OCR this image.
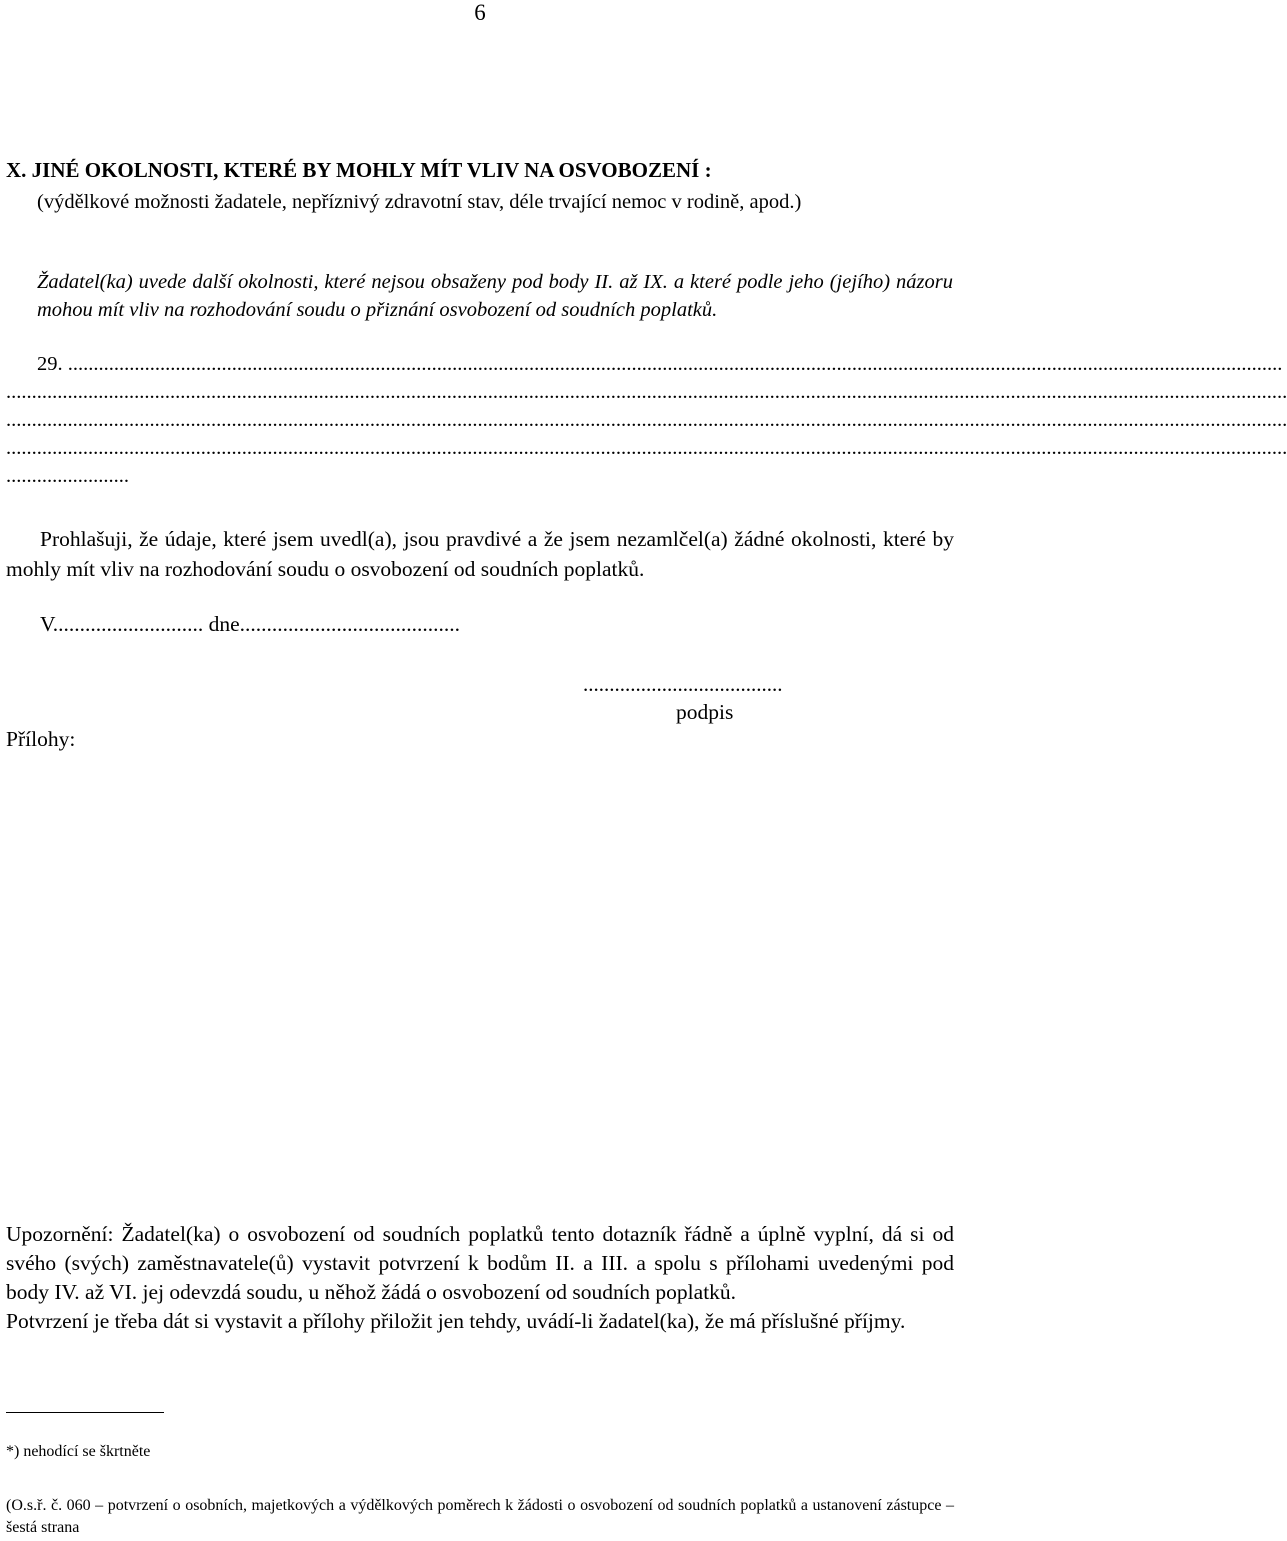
6
X. JINÉ OKOLNOSTI, KTERÉ BY MOHLY MÍT VLIV NA OSVOBOZENÍ :
(výdělkové možnosti žadatele, nepříznivý zdravotní stav, déle trvající nemoc v rodině, apod.)
Žadatel(ka) uvede další okolnosti, které nejsou obsaženy pod body II. až IX. a které podle jeho (jejího) názoru mohou mít vliv na rozhodování soudu o přiznání osvobození od soudních poplatků.
29. .............................................................................................................................................................................................................................................
..........................................................................................................................................................................................................................................................
..........................................................................................................................................................................................................................................................
..........................................................................................................................................................................................................................................................
........................
Prohlašuji, že údaje, které jsem uvedl(a), jsou pravdivé a že jsem nezamlčel(a) žádné okolnosti, které by mohly mít vliv na rozhodování soudu o osvobození od soudních poplatků.
V............................ dne.........................................
......................................
podpis
Přílohy:

Upozornění: Žadatel(ka) o osvobození od soudních poplatků tento dotazník řádně a úplně vyplní, dá si od svého (svých) zaměstnavatele(ů) vystavit potvrzení k bodům II. a III. a spolu s přílohami uvedenými pod body IV. až VI. jej odevzdá soudu, u něhož žádá o osvobození od soudních poplatků.

Potvrzení je třeba dát si vystavit a přílohy přiložit jen tehdy, uvádí-li žadatel(ka), že má příslušné příjmy.

*) nehodící se škrtněte
(O.s.ř. č. 060 – potvrzení o osobních, majetkových a výdělkových poměrech k žádosti o osvobození od soudních poplatků a ustanovení zástupce – šestá strana
